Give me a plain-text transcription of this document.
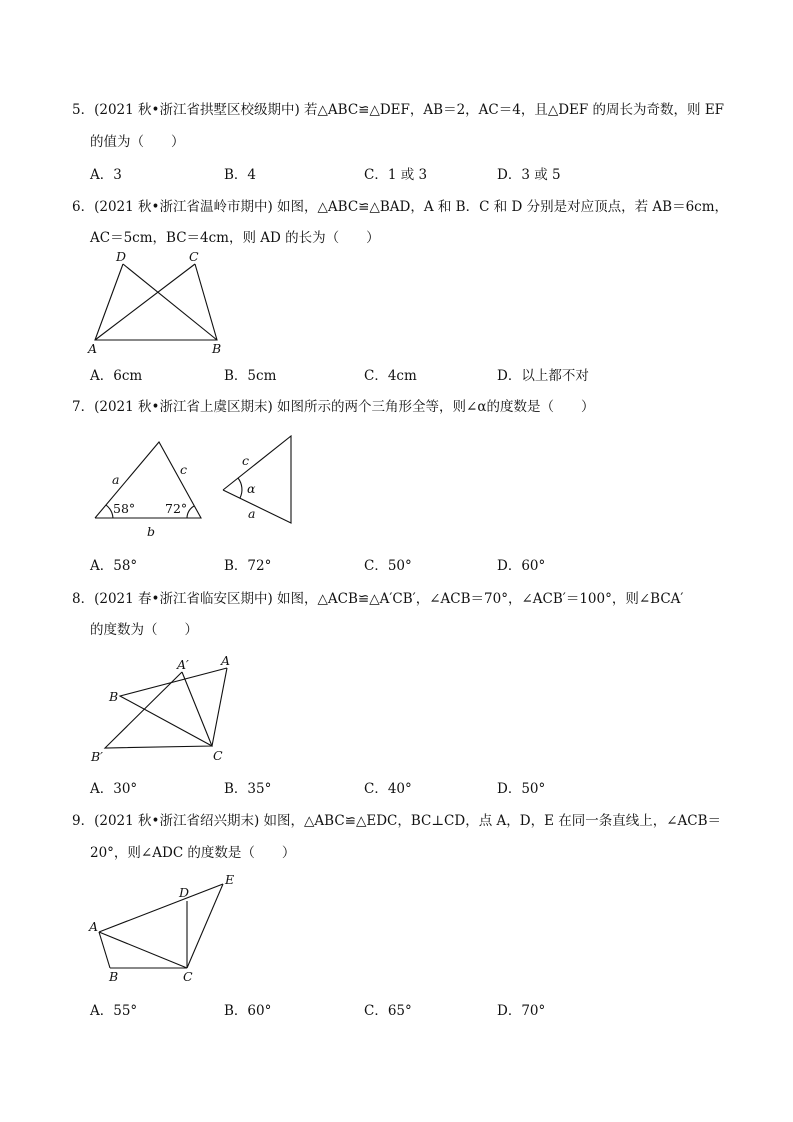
5．(2021 秋•浙江省拱墅区校级期中) 若△ABC≌△DEF，AB＝2，AC＝4，且△DEF 的周长为奇数，则 EF
的值为（　　）
A．3	B．4	C．1 或 3	D．3 或 5
6．(2021 秋•浙江省温岭市期中) 如图，△ABC≌△BAD，A 和 B．C 和 D 分别是对应顶点，若 AB＝6cm，
AC＝5cm，BC＝4cm，则 AD 的长为（　　）
D	C
A	B
A．6cm	B．5cm	C．4cm	D．以上都不对
7．(2021 秋•浙江省上虞区期末) 如图所示的两个三角形全等，则∠α的度数是（　　）
a
c
58° 72°
b
c
α
a
A．58°	B．72°	C．50°	D．60°
8．(2021 春•浙江省临安区期中) 如图，△ACB≌△A′CB′，∠ACB＝70°，∠ACB′＝100°，则∠BCA′
的度数为（　　）
A′	A
B
B′	C
A．30°	B．35°	C．40°	D．50°
9．(2021 秋•浙江省绍兴期末) 如图，△ABC≌△EDC，BC⊥CD，点 A，D，E 在同一条直线上，∠ACB＝
20°，则∠ADC 的度数是（　　）
D
E
A
B	C
A．55°	B．60°	C．65°	D．70°
